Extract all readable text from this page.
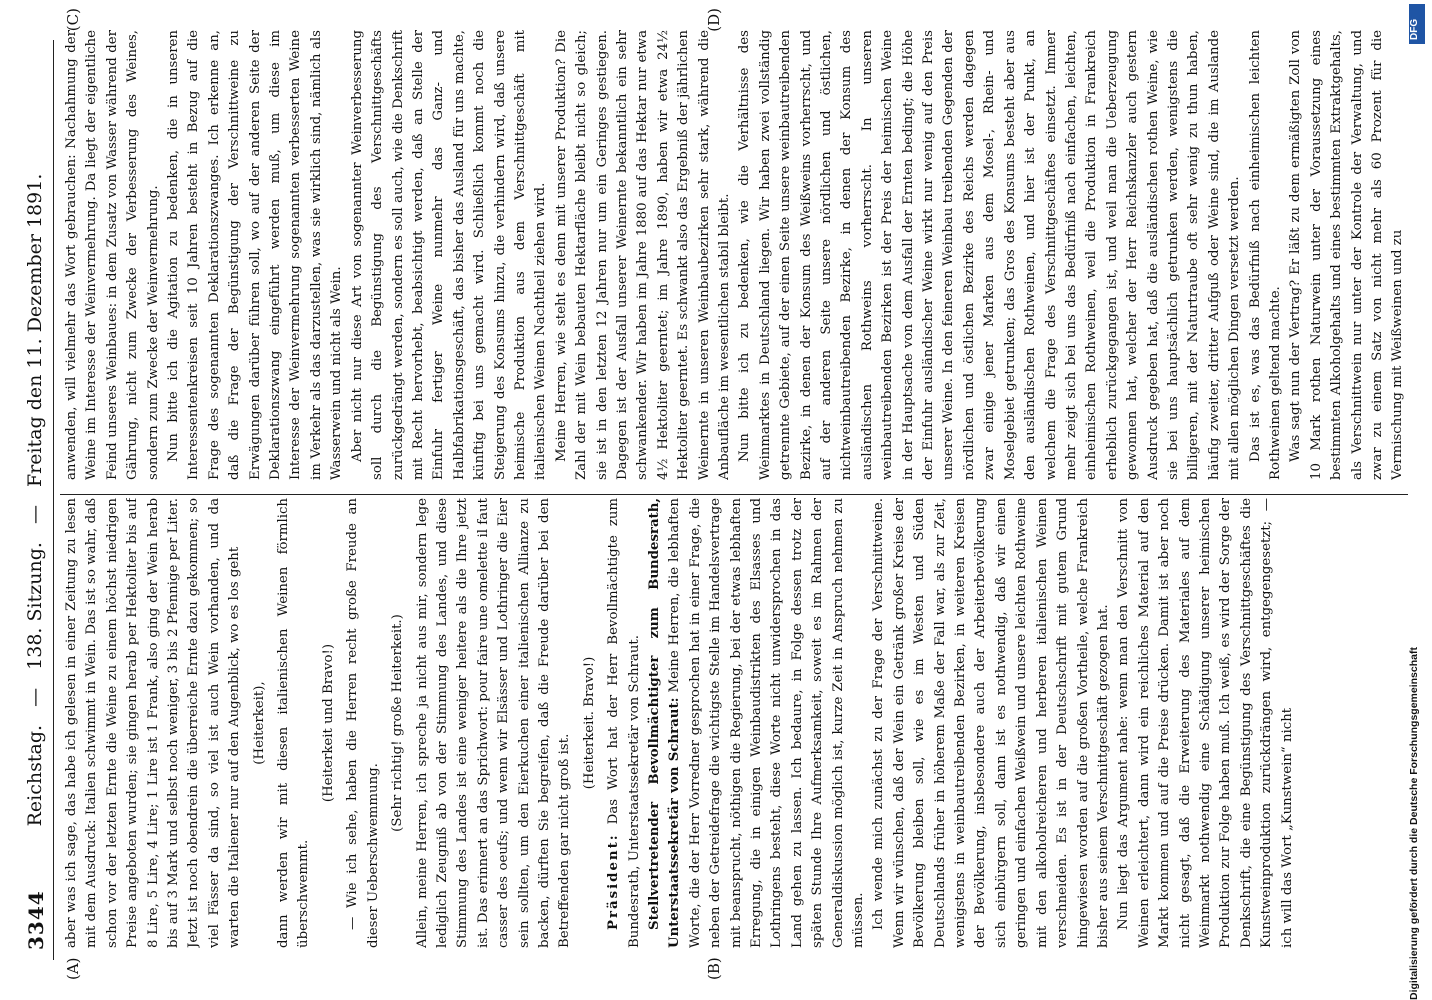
3344
Reichstag. — 138. Sitzung. — Freitag den 11. Dezember 1891.
(A)	(B)
(C)	(D)

aber was ich sage, das habe ich gelesen in einer Zeitung zu lesen mit dem Ausdruck: Italien schwimmt in Wein. Das ist so wahr, daß schon vor der letzten Ernte die Weine zu einem höchst niedrigen Preise angeboten wurden; sie gingen herab per Hektoliter bis auf 8 Lire, 5 Lire, 4 Lire; 1 Lire ist 1 Frank, also ging der Wein herab bis auf 3 Mark und selbst noch weniger, 3 bis 2 Pfennige per Liter. Jetzt ist noch obendrein die überreiche Ernte dazu gekommen; so viel Fässer da sind, so viel ist auch Wein vorhanden, und da warten die Italiener nur auf den Augenblick, wo es los geht (Heiterkeit), dann werden wir mit diesen italienischen Weinen förmlich überschwemmt.

(Heiterkeit und Bravo!) — Wie ich sehe, haben die Herren recht große Freude an dieser Ueberschwemmung.

(Sehr richtig! große Heiterkeit.) Allein, meine Herren, ich spreche ja nicht aus mir, sondern lege lediglich Zeugniß ab von der Stimmung des Landes, und diese Stimmung des Landes ist eine weniger heitere als die Ihre jetzt ist. Das erinnert an das Sprichwort: pour faire une omelette il faut casser des oeufs; und wenn wir Elsässer und Lothringer die Eier sein sollten, um den Eierkuchen einer italienischen Allianze zu backen, dürften Sie begreifen, daß die Freude darüber bei den Betreffenden gar nicht groß ist.

(Heiterkeit. Bravo!)

Präsident: Das Wort hat der Herr Bevollmächtigte zum Bundesrath, Unterstaatssekretär von Schraut. Stellvertretender Bevollmächtigter zum Bundesrath, Unterstaatssekretär von Schraut: Meine Herren, die lebhaften Worte, die der Herr Vorredner gesprochen hat in einer Frage, die neben der Getreidefrage die wichtigste Stelle im Handelsvertrage mit beansprucht, nöthigen die Regierung, bei der etwas lebhaften Erregung, die in einigen Weinbaudistrikten des Elsasses und Lothringens besteht, diese Worte nicht unwidersprochen in das Land gehen zu lassen. Ich bedaure, in Folge dessen trotz der späten Stunde Ihre Aufmerksamkeit, soweit es im Rahmen der Generaldiskussion möglich ist, kurze Zeit in Anspruch nehmen zu müssen. Ich wende mich zunächst zu der Frage der Verschnittweine. Wenn wir wünschen, daß der Wein ein Getränk großer Kreise der Bevölkerung bleiben soll, wie es im Westen und Süden Deutschlands früher in höherem Maße der Fall war, als zur Zeit, wenigstens in weinbautreibenden Bezirken, in weiteren Kreisen der Bevölkerung, insbesondere auch der Arbeiterbevölkerung sich einbürgern soll, dann ist es nothwendig, daß wir einen geringen und einfachen Weißwein und unsere leichten Rothweine mit den alkoholreicheren und herberen italienischen Weinen verschneiden. Es ist in der Deutschschrift mit gutem Grund hingewiesen worden auf die großen Vortheile, welche Frankreich bisher aus seinem Verschnittgeschäft gezogen hat. Nun liegt das Argument nahe: wenn man den Verschnitt von Weinen erleichtert, dann wird ein reichliches Material auf den Markt kommen und auf die Preise drücken. Damit ist aber noch nicht gesagt, daß die Erweiterung des Materiales auf dem Weinmarkt nothwendig eine Schädigung unserer heimischen Produktion zur Folge haben muß. Ich weiß, es wird der Sorge der Denkschrift, die eine Begünstigung des Verschnittgeschäftes die Kunstweinproduktion zurückdrängen wird, entgegengesetzt; — ich will das Wort „Kunstwein“ nicht

anwenden, will vielmehr das Wort gebrauchen: Nachahmung der Weine im Interesse der Weinvermehrung. Da liegt der eigentliche Feind unseres Weinbaues: in dem Zusatz von Wasser während der Gährung, nicht zum Zwecke der Verbesserung des Weines, sondern zum Zwecke der Weinvermehrung. Nun bitte ich die Agitation zu bedenken, die in unseren Interessentenkreisen seit 10 Jahren besteht in Bezug auf die Frage des sogenannten Deklarationszwanges. Ich erkenne an, daß die Frage der Begünstigung der Verschnittweine zu Erwägungen darüber führen soll, wo auf der anderen Seite der Deklarationszwang eingeführt werden muß, um diese im Interesse der Weinvermehrung sogenannten verbesserten Weine im Verkehr als das darzustellen, was sie wirklich sind, nämlich als Wasserwein und nicht als Wein. Aber nicht nur diese Art von sogenannter Weinverbesserung soll durch die Begünstigung des Verschnittgeschäfts zurückgedrängt werden, sondern es soll auch, wie die Denkschrift mit Recht hervorhebt, beabsichtigt werden, daß an Stelle der Einfuhr fertiger Weine nunmehr das Ganz- und Halbfabrikationsgeschäft, das bisher das Ausland für uns machte, künftig bei uns gemacht wird. Schließlich kommt noch die Steigerung des Konsums hinzu, die verhindern wird, daß unsere heimische Produktion aus dem Verschnittgeschäft mit italienischen Weinen Nachtheil ziehen wird. Meine Herren, wie steht es denn mit unserer Produktion? Die Zahl der mit Wein bebauten Hektarfläche bleibt nicht so gleich; sie ist in den letzten 12 Jahren nur um ein Geringes gestiegen. Dagegen ist der Ausfall unserer Weinernte bekanntlich ein sehr schwankender. Wir haben im Jahre 1880 auf das Hektar nur etwa 4½ Hektoliter geerntet; im Jahre 1890, haben wir etwa 24½ Hektoliter geerntet. Es schwankt also das Ergebniß der jährlichen Weinernte in unseren Weinbaubezirken sehr stark, während die Anbaufläche im wesentlichen stabil bleibt. Nun bitte ich zu bedenken, wie die Verhältnisse des Weinmarktes in Deutschland liegen. Wir haben zwei vollständig getrennte Gebiete, auf der einen Seite unsere weinbautreibenden Bezirke, in denen der Konsum des Weißweins vorherrscht, und auf der anderen Seite unsere nördlichen und östlichen, nichtweinbautreibenden Bezirke, in denen der Konsum des ausländischen Rothweins vorherrscht. In unseren weinbautreibenden Bezirken ist der Preis der heimischen Weine in der Hauptsache von dem Ausfall der Ernten bedingt; die Höhe der Einfuhr ausländischer Weine wirkt nur wenig auf den Preis unserer Weine. In den feineren Weinbau treibenden Gegenden der nördlichen und östlichen Bezirke des Reichs werden dagegen zwar einige jener Marken aus dem Mosel-, Rhein- und Moselgebiet getrunken; das Gros des Konsums besteht aber aus den ausländischen Rothweinen, und hier ist der Punkt, an welchem die Frage des Verschnittgeschäftes einsetzt. Immer mehr zeigt sich bei uns das Bedürfniß nach einfachen, leichten, einheimischen Rothweinen, weil die Produktion in Frankreich erheblich zurückgegangen ist, und weil man die Ueberzeugung gewonnen hat, welcher der Herr Reichskanzler auch gestern Ausdruck gegeben hat, daß die ausländischen rothen Weine, wie sie bei uns hauptsächlich getrunken werden, wenigstens die billigeren, mit der Naturtraube oft sehr wenig zu thun haben, häufig zweiter, dritter Aufguß oder Weine sind, die im Auslande mit allen möglichen Dingen versetzt werden. Das ist es, was das Bedürfniß nach einheimischen leichten Rothweinen geltend machte. Was sagt nun der Vertrag? Er läßt zu dem ermäßigten Zoll von 10 Mark rothen Naturwein unter der Voraussetzung eines bestimmten Alkoholgehalts und eines bestimmten Extraktgehalts, als Verschnittwein nur unter der Kontrole der Verwaltung, und zwar zu einem Satz von nicht mehr als 60 Prozent für die Vermischung mit Weißweinen und zu

DFG
Digitalisierung gefördert durch die Deutsche Forschungsgemeinschaft
